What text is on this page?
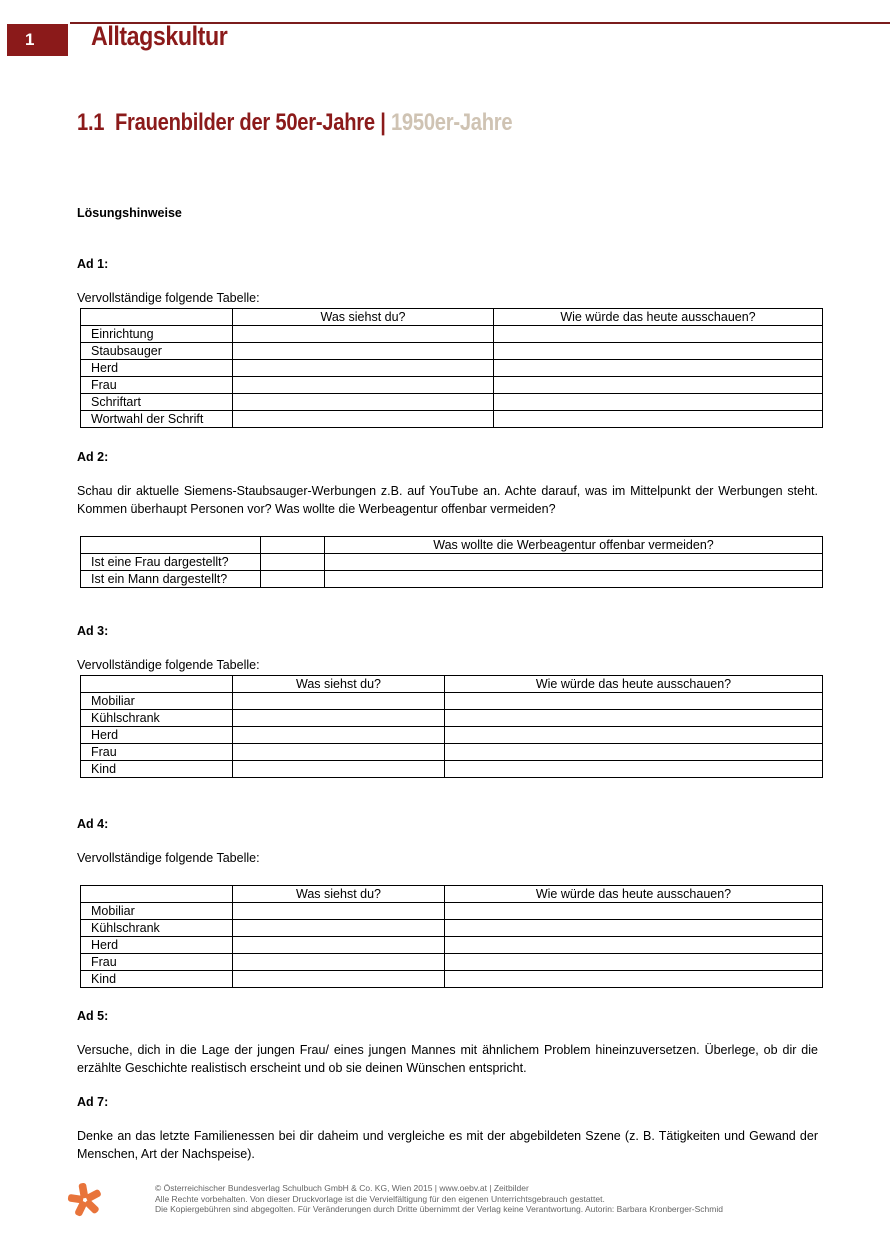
1	Alltagskultur
1.1 Frauenbilder der 50er-Jahre | 1950er-Jahre
Lösungshinweise
Ad 1:
Vervollständige folgende Tabelle:
	Was siehst du?	Wie würde das heute ausschauen?
Einrichtung		
Staubsauger		
Herd		
Frau		
Schriftart		
Wortwahl der Schrift		
Ad 2:
Schau dir aktuelle Siemens-Staubsauger-Werbungen z.B. auf YouTube an. Achte darauf, was im Mittelpunkt der Werbungen steht. Kommen überhaupt Personen vor? Was wollte die Werbeagentur offenbar vermeiden?
		Was wollte die Werbeagentur offenbar vermeiden?
Ist eine Frau dargestellt?		
Ist ein Mann dargestellt?		
Ad 3:
Vervollständige folgende Tabelle:
	Was siehst du?	Wie würde das heute ausschauen?
Mobiliar		
Kühlschrank		
Herd		
Frau		
Kind		
Ad 4:
Vervollständige folgende Tabelle:
	Was siehst du?	Wie würde das heute ausschauen?
Mobiliar		
Kühlschrank		
Herd		
Frau		
Kind		
Ad 5:
Versuche, dich in die Lage der jungen Frau/ eines jungen Mannes mit ähnlichem Problem hineinzuversetzen. Überlege, ob dir die erzählte Geschichte realistisch erscheint und ob sie deinen Wünschen entspricht.
Ad 7:
Denke an das letzte Familienessen bei dir daheim und vergleiche es mit der abgebildeten Szene (z. B. Tätigkeiten und Gewand der Menschen, Art der Nachspeise).
© Österreichischer Bundesverlag Schulbuch GmbH & Co. KG, Wien 2015 | www.oebv.at | Zeitbilder
Alle Rechte vorbehalten. Von dieser Druckvorlage ist die Vervielfältigung für den eigenen Unterrichtsgebrauch gestattet.
Die Kopiergebühren sind abgegolten. Für Veränderungen durch Dritte übernimmt der Verlag keine Verantwortung. Autorin: Barbara Kronberger-Schmid
